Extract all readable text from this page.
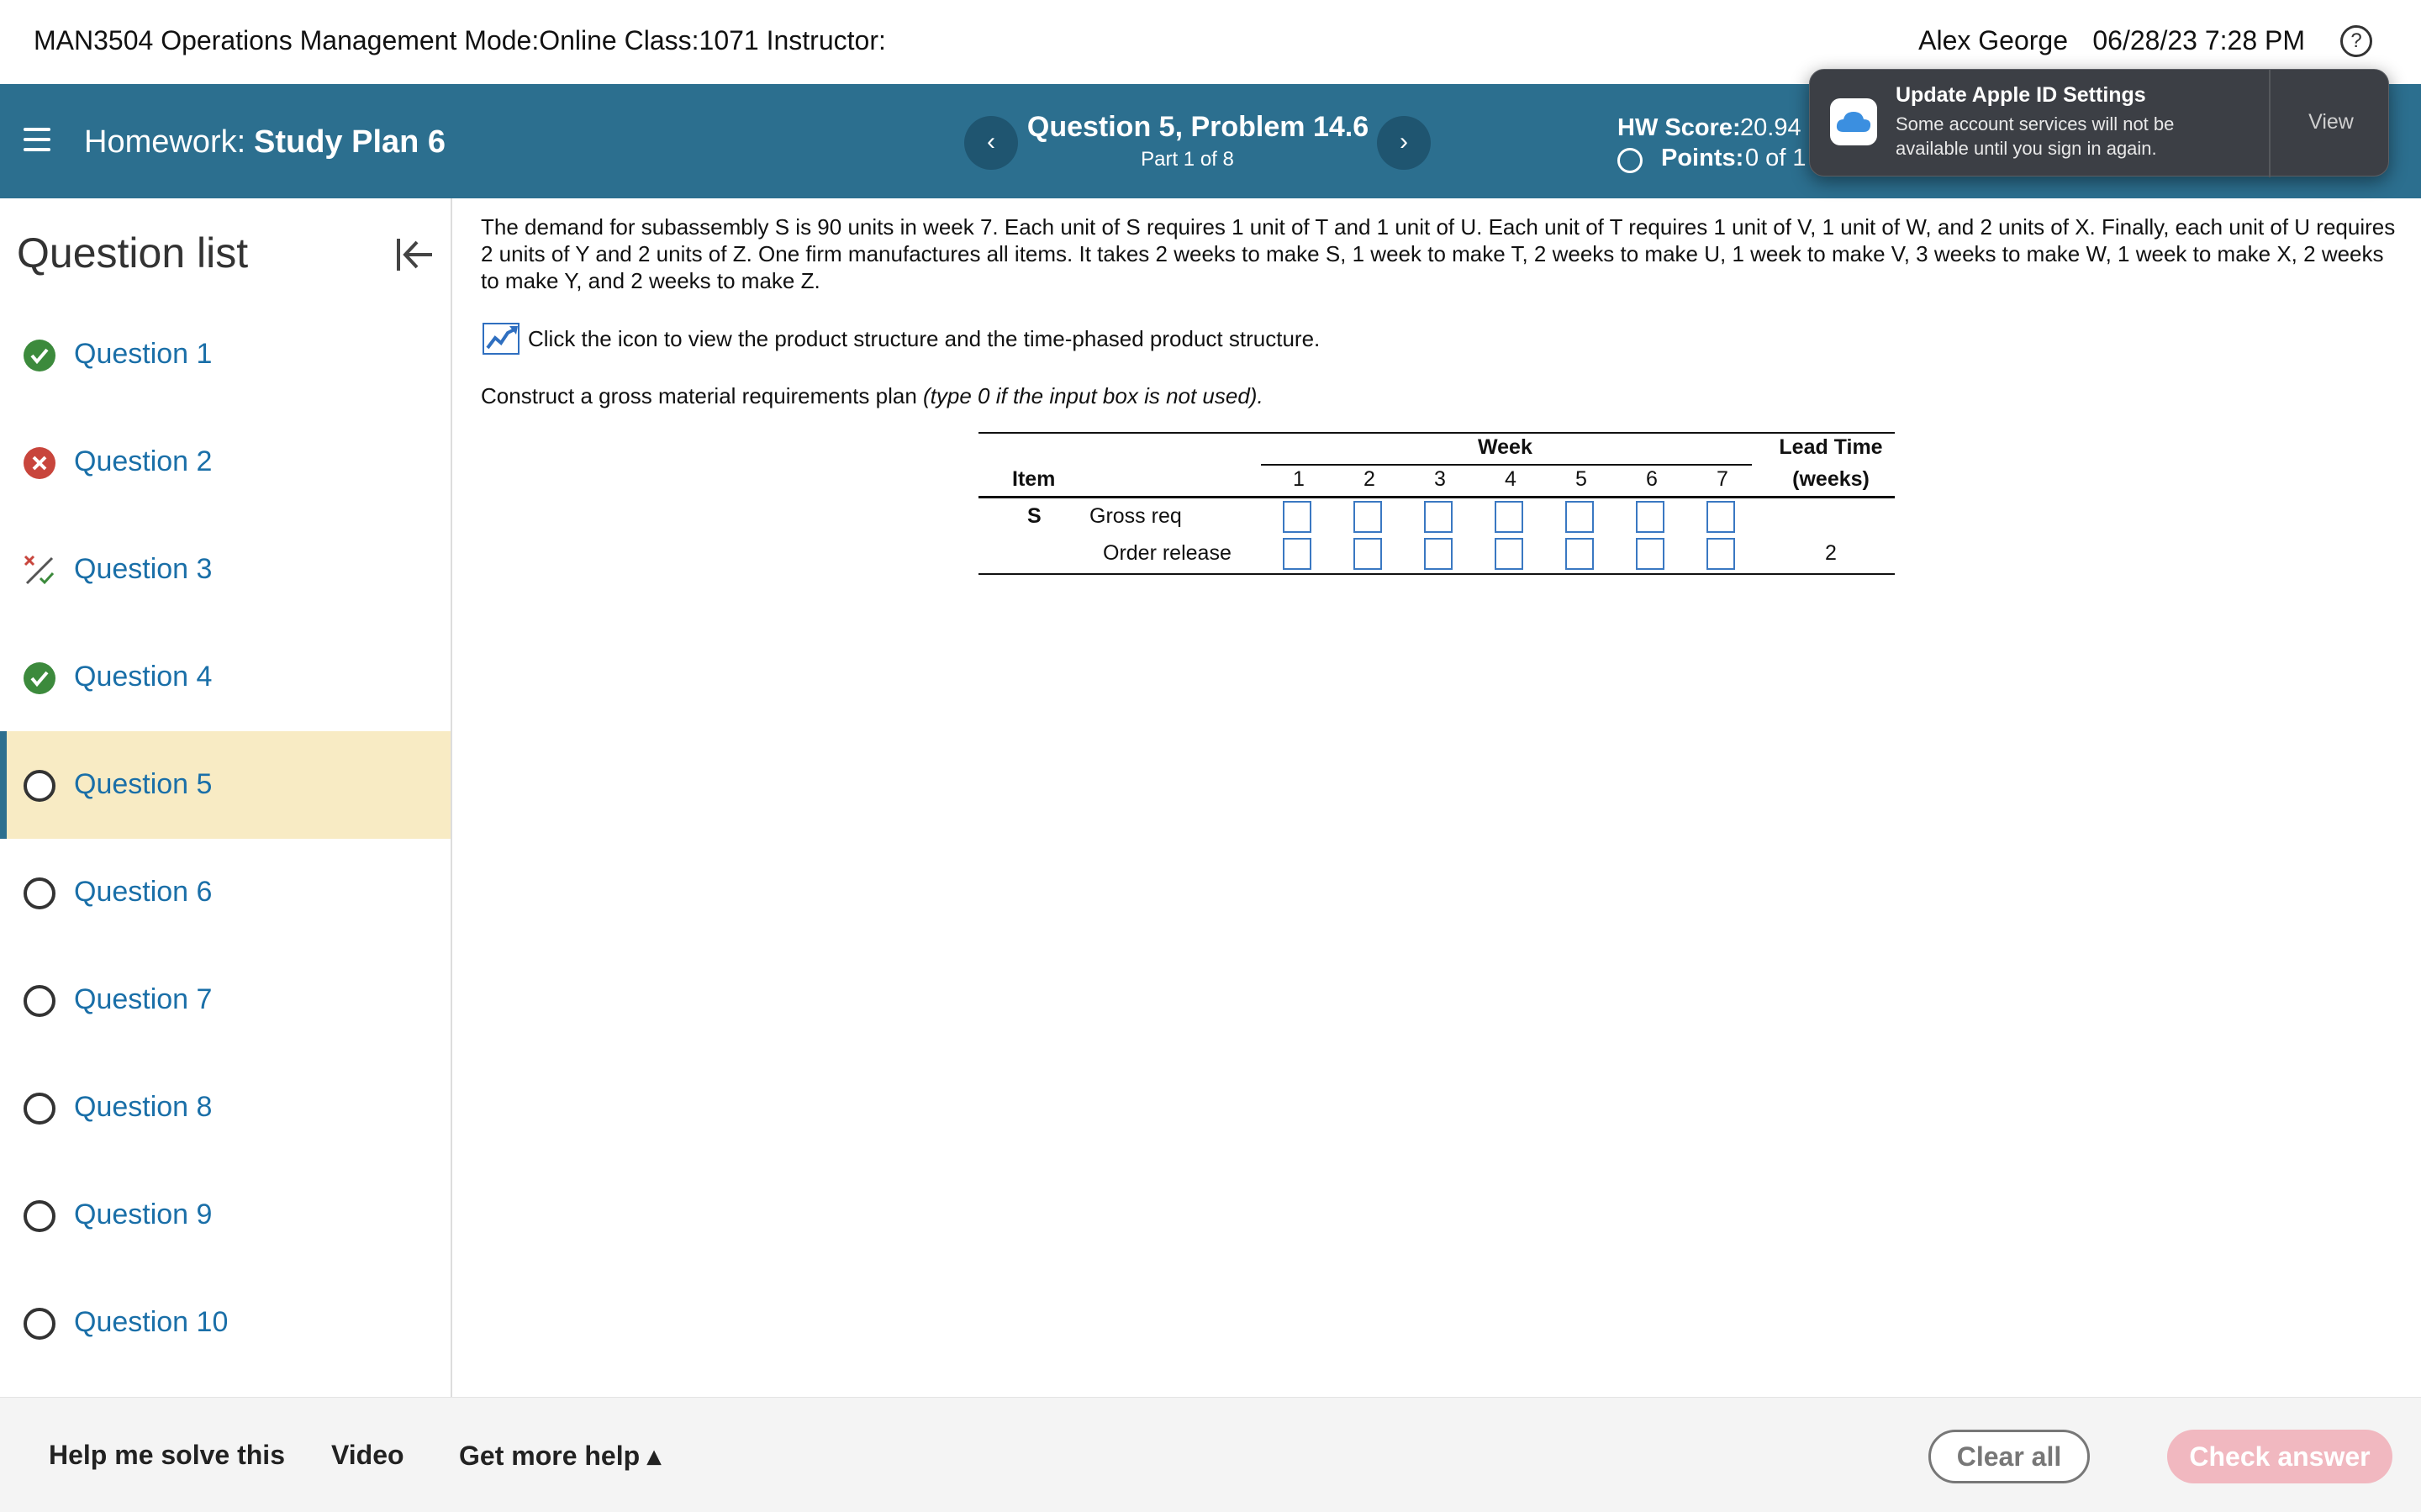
MAN3504 Operations Management Mode:Online Class:1071 Instructor:	Alex George 06/28/23 7:28 PM	?
Homework: Study Plan 6	‹	Question 5, Problem 14.6
Part 1 of 8
›	HW Score: 20.94
Points: 0 of 1
Update Apple ID Settings
Some account services will not be available until you sign in again.
View
Question list
Question 1
Question 2
Question 3
Question 4
Question 5
Question 6
Question 7
Question 8
Question 9
Question 10
The demand for subassembly S is 90 units in week 7. Each unit of S requires 1 unit of T and 1 unit of U. Each unit of T requires 1 unit of V, 1 unit of W, and 2 units of X. Finally, each unit of U requires 2 units of Y and 2 units of Z. One firm manufactures all items. It takes 2 weeks to make S, 1 week to make T, 2 weeks to make U, 1 week to make V, 3 weeks to make W, 1 week to make X, 2 weeks to make Y, and 2 weeks to make Z.
Click the icon to view the product structure and the time-phased product structure.
Construct a gross material requirements plan (type 0 if the input box is not used).
Week	Lead Time
Item	1	2	3	4	5	6	7	(weeks)
S Gross req
Order release	2
Help me solve this Video Get more help ▴	Clear all	Check answer
